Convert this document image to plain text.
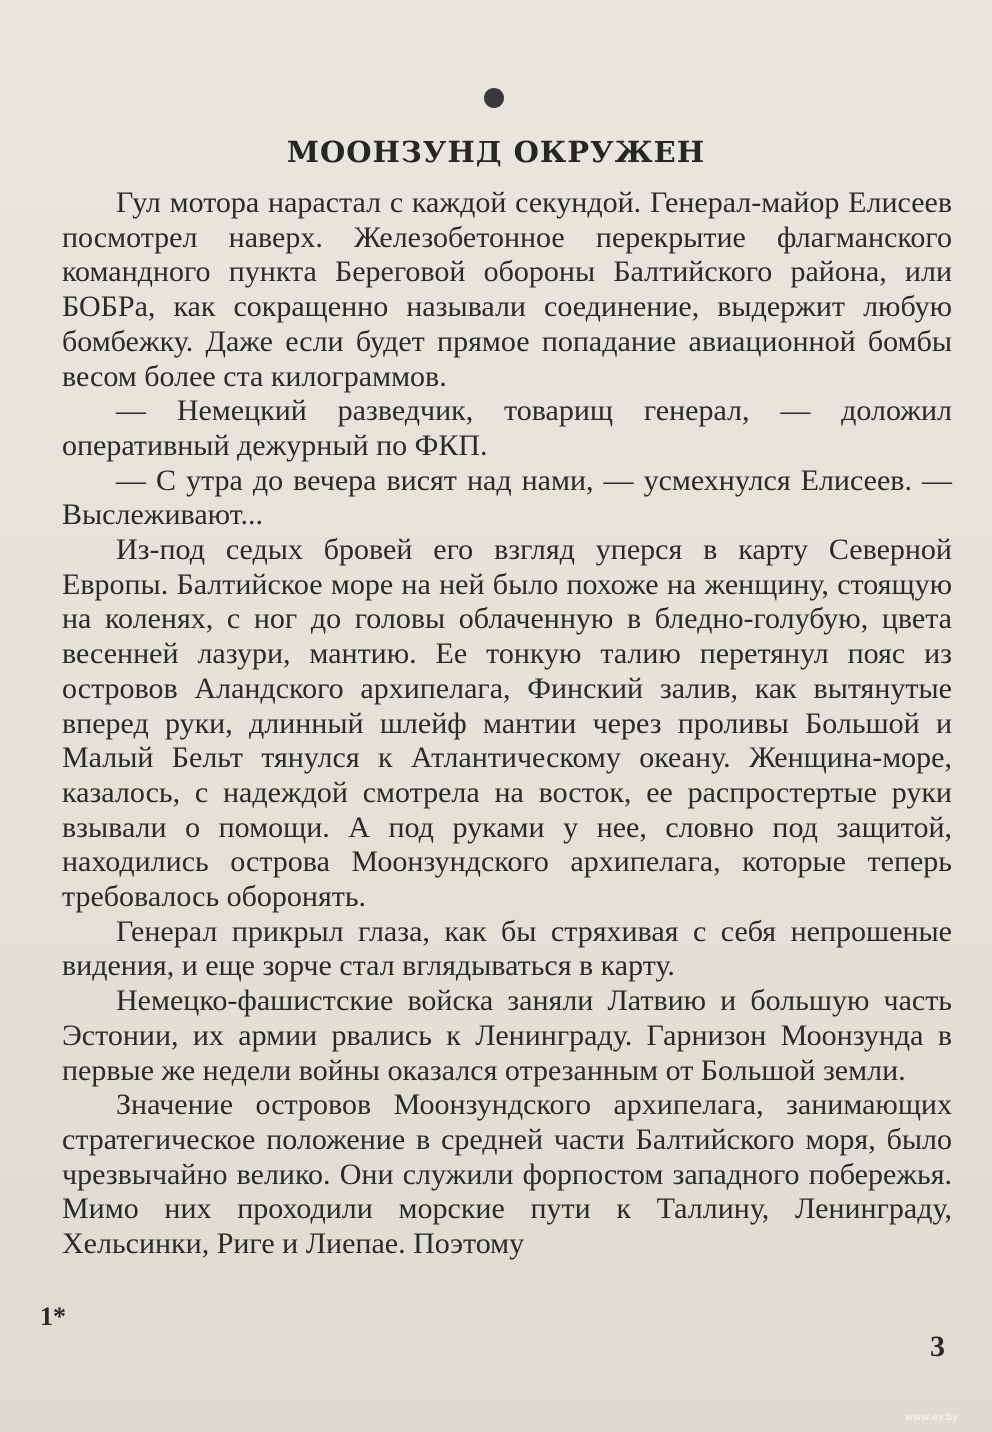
МООНЗУНД ОКРУЖЕН

Гул мотора нарастал с каждой секундой. Генерал-майор Елисеев посмотрел наверх. Железобетонное перекрытие флагманского командного пункта Береговой обороны Балтийского района, или БОБРа, как сокращенно называли соединение, выдержит любую бомбежку. Даже если будет прямое попадание авиационной бомбы весом более ста килограммов.

— Немецкий разведчик, товарищ генерал, — доложил оперативный дежурный по ФКП.

— С утра до вечера висят над нами, — усмехнулся Елисеев. — Выслеживают...

Из-под седых бровей его взгляд уперся в карту Северной Европы. Балтийское море на ней было похоже на женщину, стоящую на коленях, с ног до головы облаченную в бледно-голубую, цвета весенней лазури, мантию. Ее тонкую талию перетянул пояс из островов Аландского архипелага, Финский залив, как вытянутые вперед руки, длинный шлейф мантии через проливы Большой и Малый Бельт тянулся к Атлантическому океану. Женщина-море, казалось, с надеждой смотрела на восток, ее распростертые руки взывали о помощи. А под руками у нее, словно под защитой, находились острова Моонзундского архипелага, которые теперь требовалось оборонять.

Генерал прикрыл глаза, как бы стряхивая с себя непрошеные видения, и еще зорче стал вглядываться в карту.

Немецко-фашистские войска заняли Латвию и большую часть Эстонии, их армии рвались к Ленинграду. Гарнизон Моонзунда в первые же недели войны оказался отрезанным от Большой земли.

Значение островов Моонзундского архипелага, занимающих стратегическое положение в средней части Балтийского моря, было чрезвычайно велико. Они служили форпостом западного побережья. Мимо них проходили морские пути к Таллину, Ленинграду, Хельсинки, Риге и Лиепае. Поэтому

1*
3
www.ay.by
